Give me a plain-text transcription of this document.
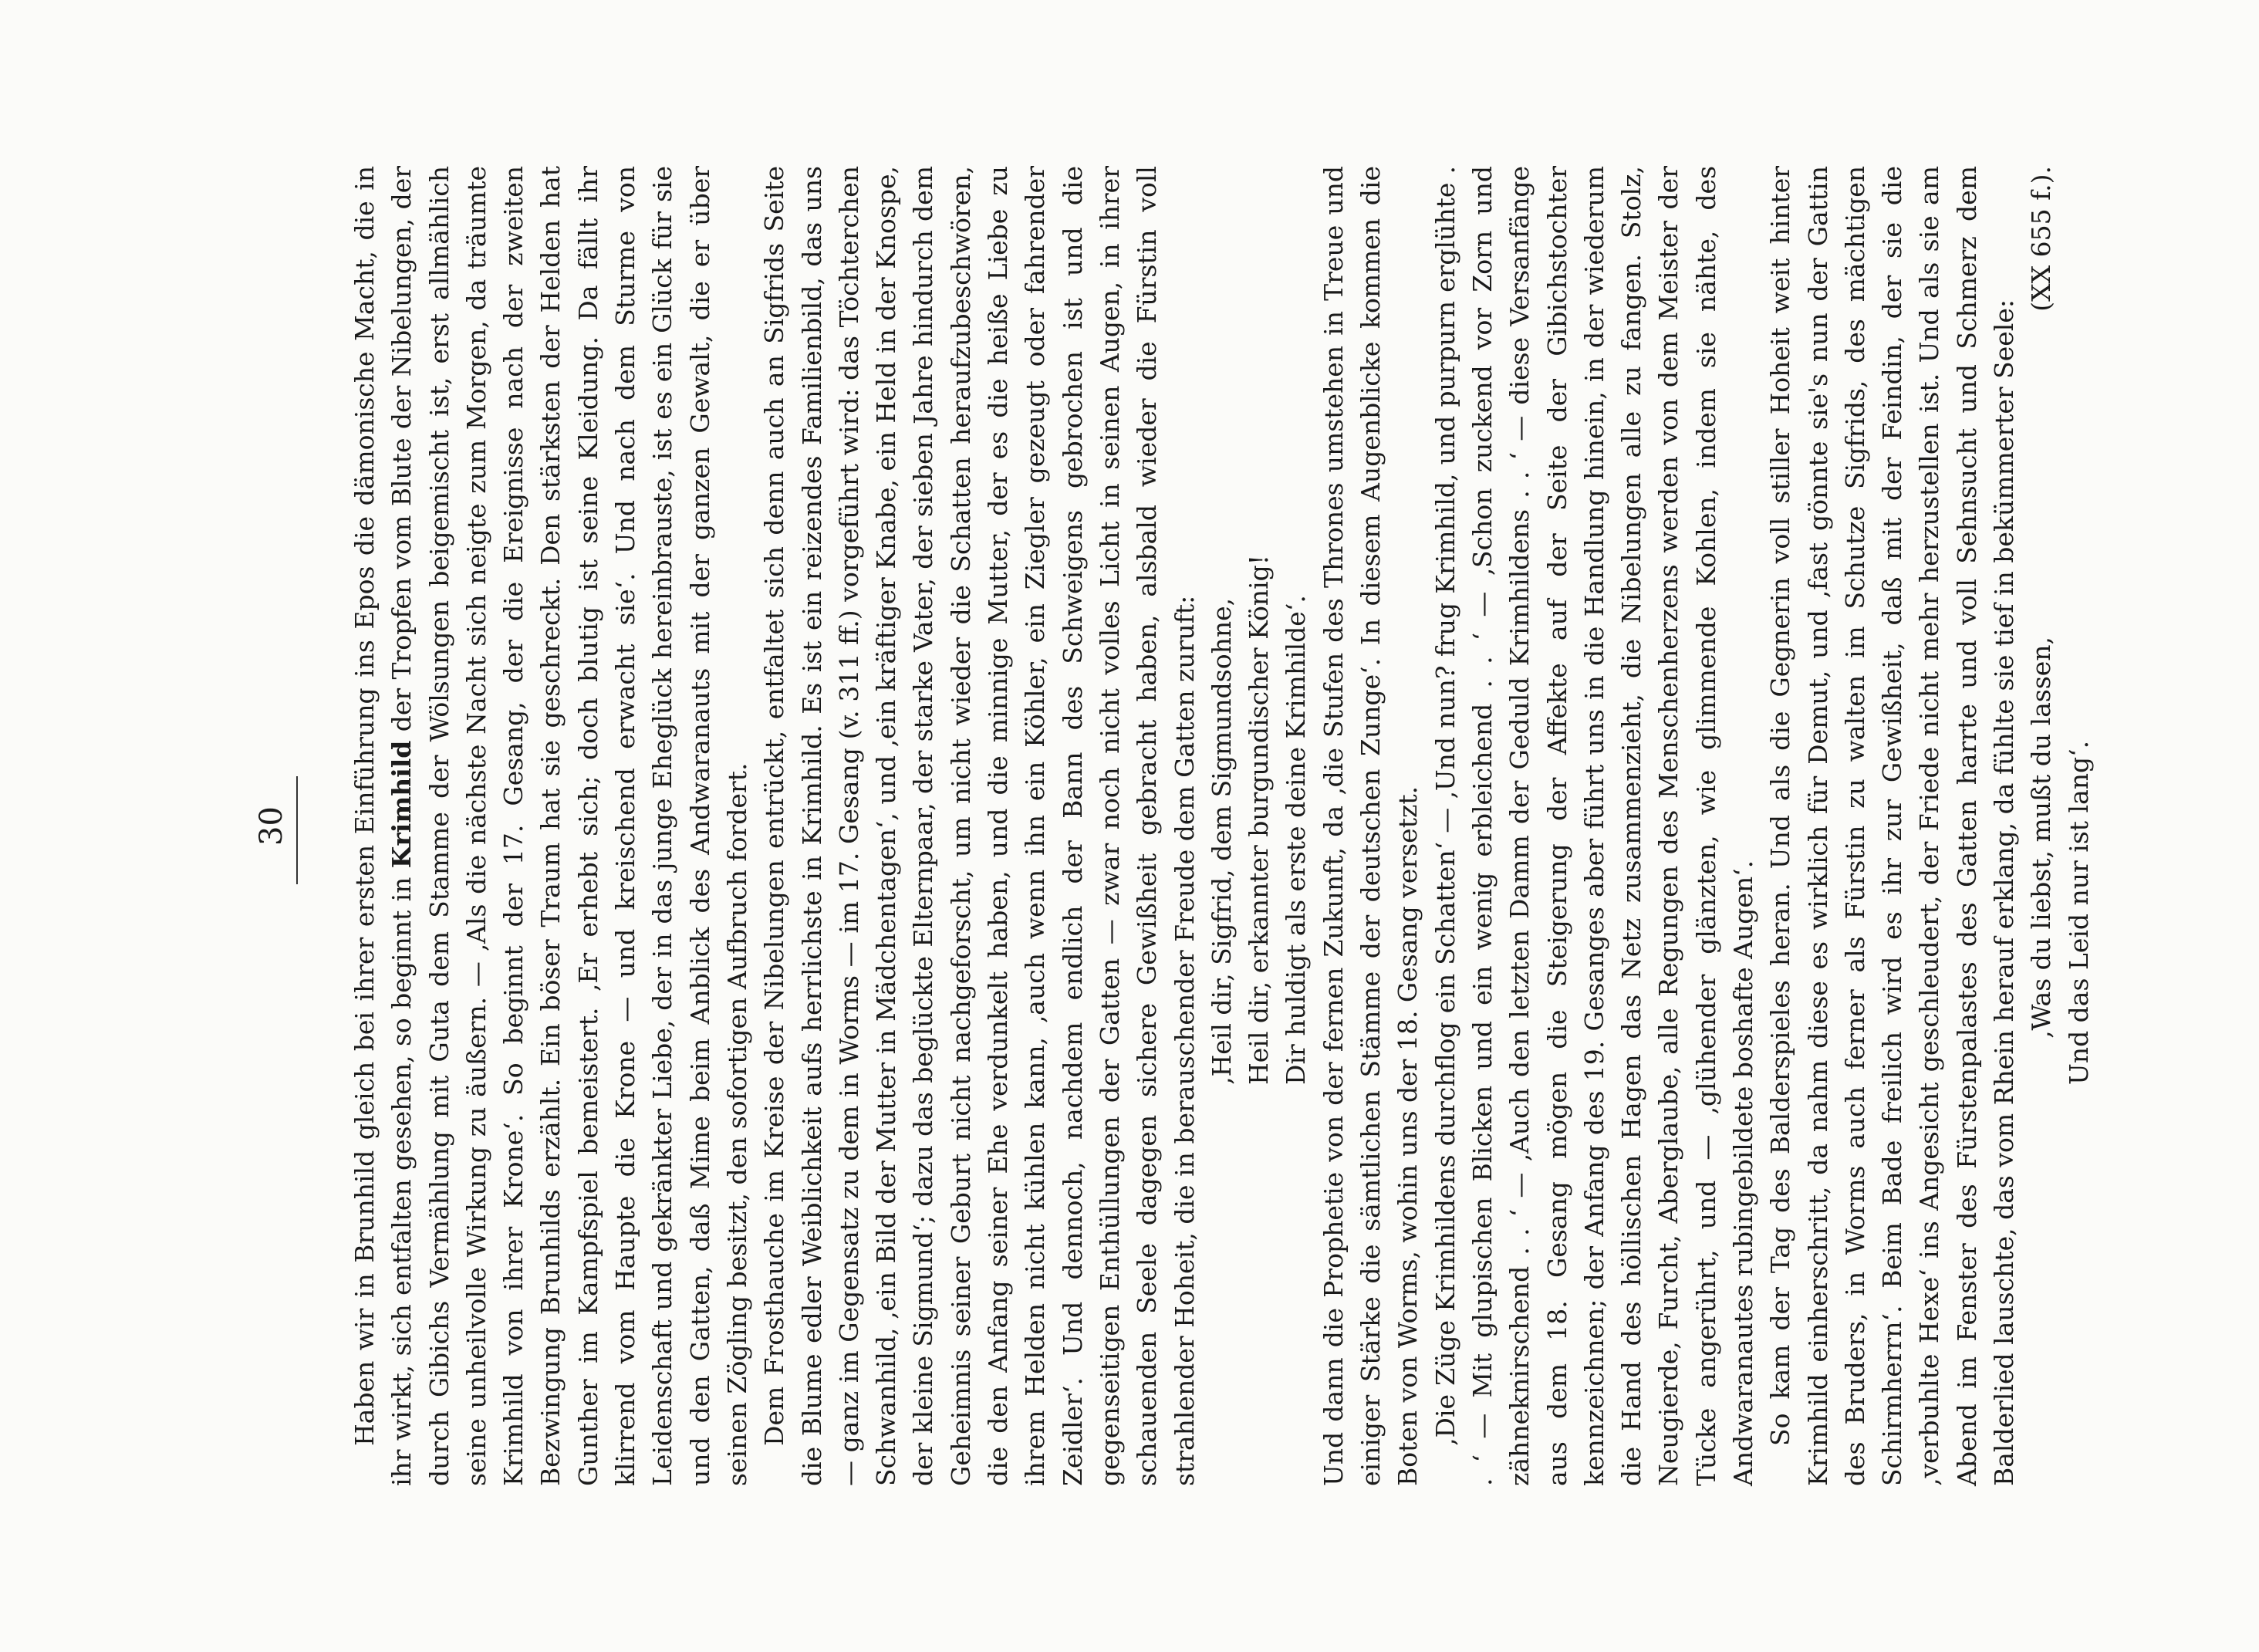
30 Haben wir in Brunhild gleich bei ihrer ersten Einführung ins Epos die dämonische Macht, die in ihr wirkt, sich entfalten gesehen, so beginnt in Krimhild der Tropfen vom Blute der Nibelungen, der durch Gibichs Vermählung mit Guta dem Stamme der Wölsungen beigemischt ist, erst allmählich seine unheilvolle Wirkung zu äußern. — ‚Als die nächste Nacht sich neigte zum Morgen, da träumte Krimhild von ihrer Krone‘. So beginnt der 17. Gesang, der die Ereignisse nach der zweiten Bezwingung Brunhilds erzählt. Ein böser Traum hat sie geschreckt. Den stärksten der Helden hat Gunther im Kampfspiel bemeistert. ‚Er erhebt sich; doch blutig ist seine Kleidung. Da fällt ihr klirrend vom Haupte die Krone — und kreischend erwacht sie‘. Und nach dem Sturme von Leidenschaft und gekränkter Liebe, der in das junge Eheglück hereinbrauste, ist es ein Glück für sie und den Gatten, daß Mime beim Anblick des Andwaranauts mit der ganzen Gewalt, die er über seinen Zögling besitzt, den sofortigen Aufbruch fordert. Dem Frosthauche im Kreise der Nibelungen entrückt, entfaltet sich denn auch an Sigfrids Seite die Blume edler Weiblichkeit aufs herrlichste in Krimhild. Es ist ein reizendes Familienbild, das uns — ganz im Gegensatz zu dem in Worms — im 17. Gesang (v. 311 ff.) vorgeführt wird: das Töchterchen Schwanhild, ‚ein Bild der Mutter in Mädchentagen‘, und ‚ein kräftiger Knabe, ein Held in der Knospe, der kleine Sigmund‘; dazu das beglückte Elternpaar, der starke Vater, der sieben Jahre hindurch dem Geheimnis seiner Geburt nicht nachgeforscht, um nicht wieder die Schatten heraufzubeschwören, die den Anfang seiner Ehe verdunkelt haben, und die minnige Mutter, der es die heiße Liebe zu ihrem Helden nicht kühlen kann, ‚auch wenn ihn ein Köhler, ein Ziegler gezeugt oder fahrender Zeidler‘. Und dennoch, nachdem endlich der Bann des Schweigens gebrochen ist und die gegenseitigen Enthüllungen der Gatten — zwar noch nicht volles Licht in seinen Augen, in ihrer schauenden Seele dagegen sichere Gewißheit gebracht haben, alsbald wieder die Fürstin voll strahlender Hoheit, die in berauschender Freude dem Gatten zuruft: ‚Heil dir, Sigfrid, dem Sigmundsohne, Heil dir, erkannter burgundischer König! Dir huldigt als erste deine Krimhilde‘. Und dann die Prophetie von der fernen Zukunft, da ‚die Stufen des Thrones umstehen in Treue und einiger Stärke die sämtlichen Stämme der deutschen Zunge‘. In diesem Augenblicke kommen die Boten von Worms, wohin uns der 18. Gesang versetzt. ‚Die Züge Krimhildens durchflog ein Schatten‘ — ‚Und nun? frug Krimhild, und purpurn erglühte . . ‘ — Mit glupischen Blicken und ein wenig erbleichend . . ‘ — ‚Schon zuckend vor Zorn und zähneknirschend . . ‘ — ‚Auch den letzten Damm der Geduld Krimhildens . . ‘ — diese Versanfänge aus dem 18. Gesang mögen die Steigerung der Affekte auf der Seite der Gibichstochter kennzeichnen; der Anfang des 19. Gesanges aber führt uns in die Handlung hinein, in der wiederum die Hand des höllischen Hagen das Netz zusammenzieht, die Nibelungen alle zu fangen. Stolz, Neugierde, Furcht, Aberglaube, alle Regungen des Menschenherzens werden von dem Meister der Tücke angerührt, und — ‚glühender glänzten, wie glimmende Kohlen, indem sie nähte, des Andwaranautes rubingebildete boshafte Augen‘. So kam der Tag des Balderspieles heran. Und als die Gegnerin voll stiller Hoheit weit hinter Krimhild einherschritt, da nahm diese es wirklich für Demut, und ‚fast gönnte sie's nun der Gattin des Bruders, in Worms auch ferner als Fürstin zu walten im Schutze Sigfrids, des mächtigen Schirmherrn‘. Beim Bade freilich wird es ihr zur Gewißheit, daß mit der Feindin, der sie die ‚verbuhlte Hexe‘ ins Angesicht geschleudert, der Friede nicht mehr herzustellen ist. Und als sie am Abend im Fenster des Fürstenpalastes des Gatten harrte und voll Sehnsucht und Schmerz dem Balderlied lauschte, das vom Rhein herauf erklang, da fühlte sie tief in bekümmerter Seele: ‚Was du liebst, mußt du lassen, Und das Leid nur ist lang‘.

(XX 655 f.).
